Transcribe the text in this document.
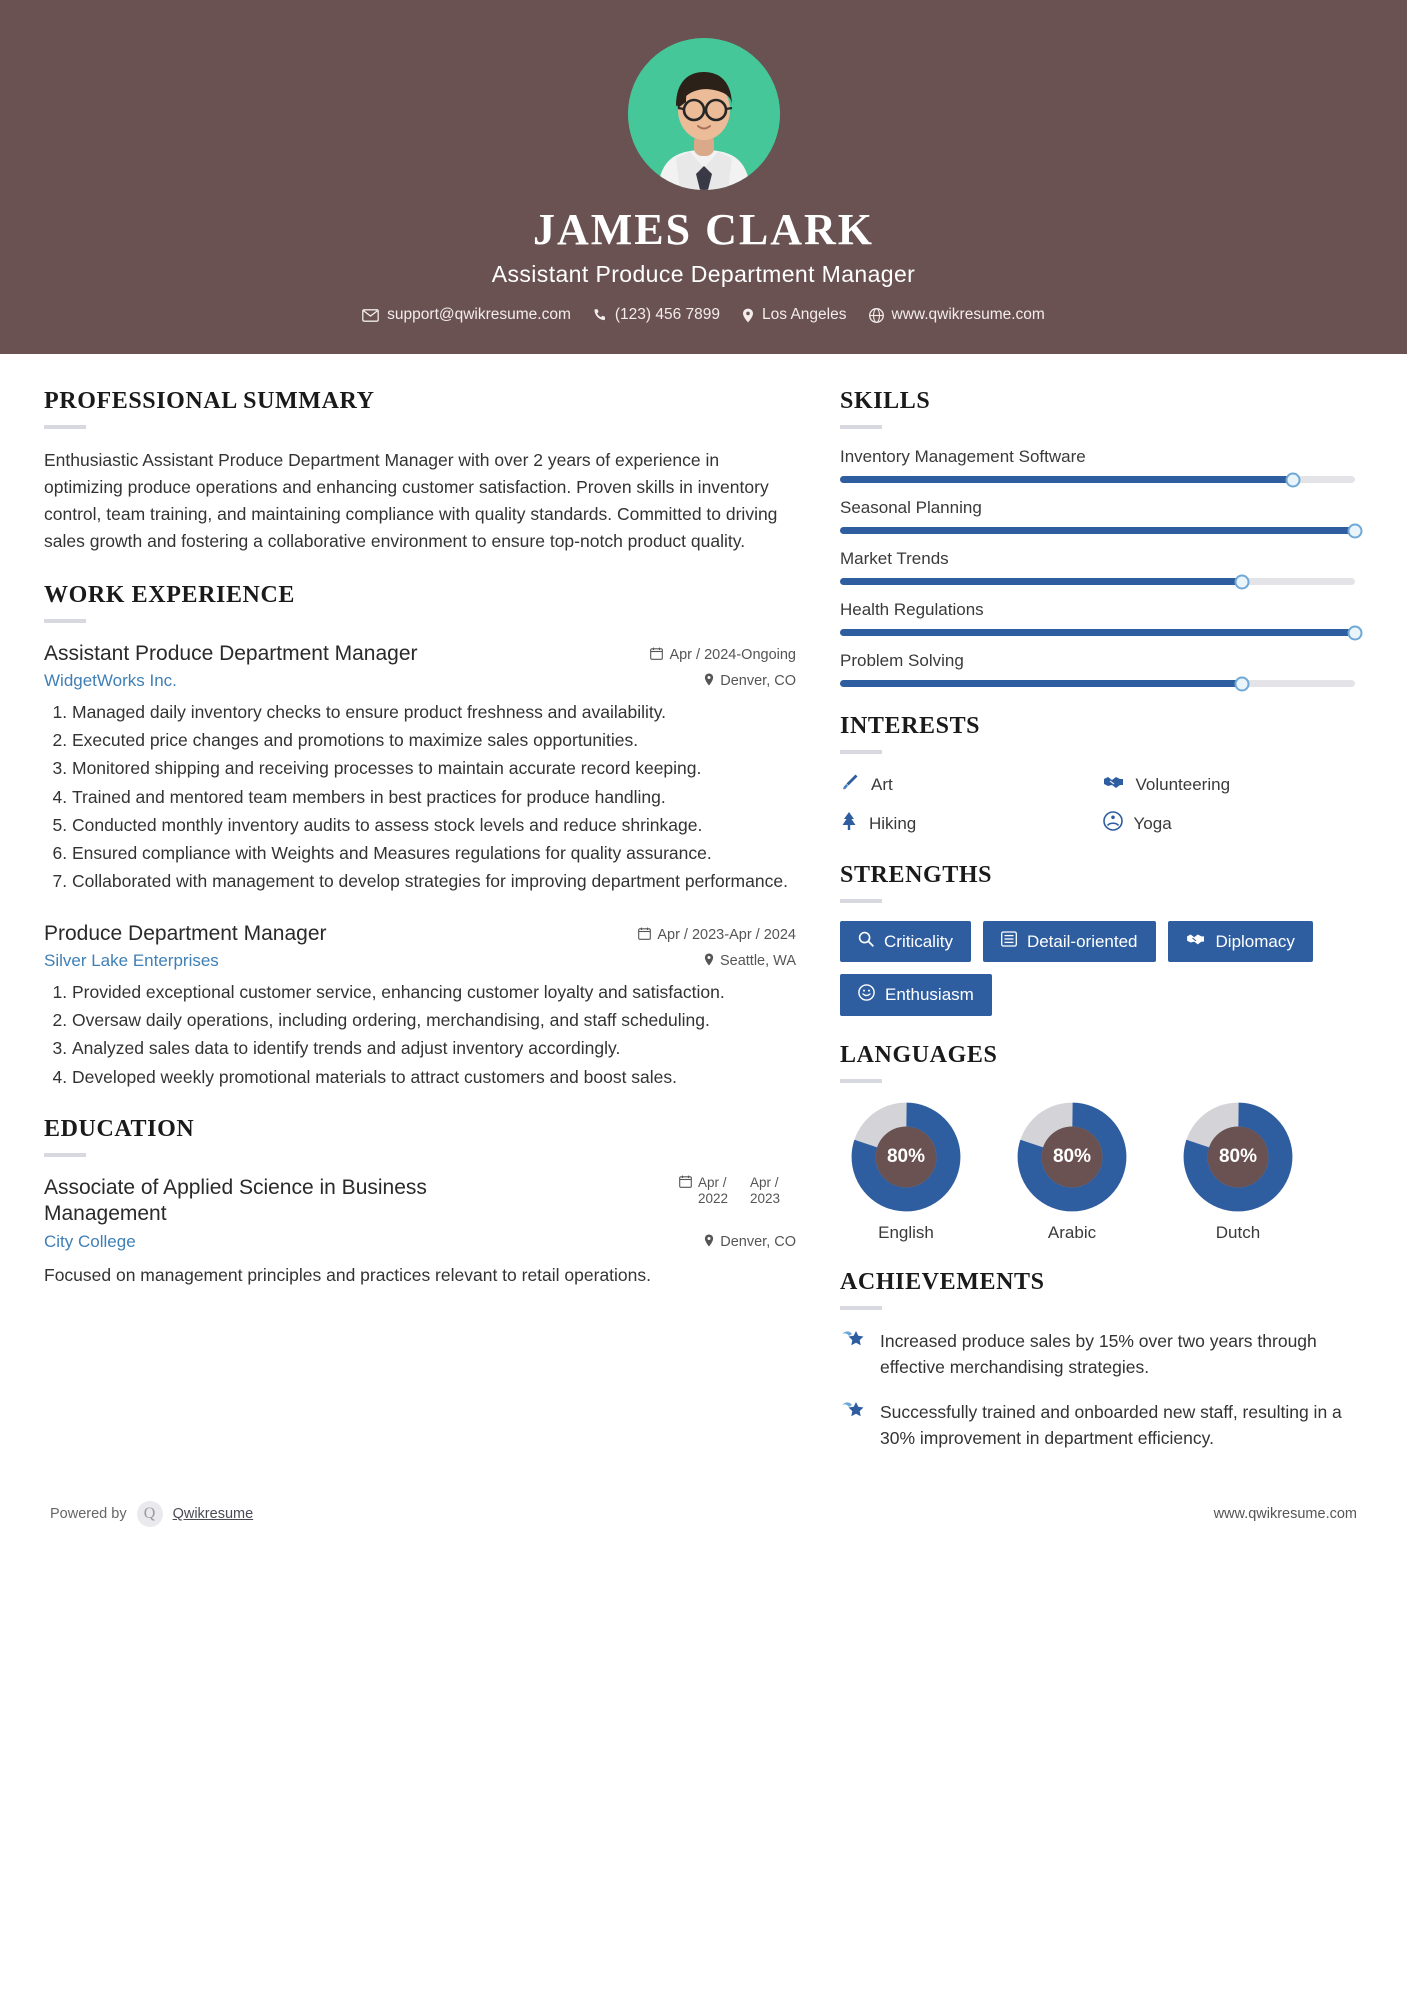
JAMES CLARK
Assistant Produce Department Manager
support@qwikresume.com	(123) 456 7899	Los Angeles	www.qwikresume.com
PROFESSIONAL SUMMARY

Enthusiastic Assistant Produce Department Manager with over 2 years of experience in optimizing produce operations and enhancing customer satisfaction. Proven skills in inventory control, team training, and maintaining compliance with quality standards. Committed to driving sales growth and fostering a collaborative environment to ensure top-notch product quality.

WORK EXPERIENCE
Assistant Produce Department Manager	Apr / 2024-Ongoing
WidgetWorks Inc.	Denver, CO
1. Managed daily inventory checks to ensure product freshness and availability.
2. Executed price changes and promotions to maximize sales opportunities.
3. Monitored shipping and receiving processes to maintain accurate record keeping.
4. Trained and mentored team members in best practices for produce handling.
5. Conducted monthly inventory audits to assess stock levels and reduce shrinkage.
6. Ensured compliance with Weights and Measures regulations for quality assurance.
7. Collaborated with management to develop strategies for improving department performance.
Produce Department Manager	Apr / 2023-Apr / 2024
Silver Lake Enterprises	Seattle, WA
1. Provided exceptional customer service, enhancing customer loyalty and satisfaction.
2. Oversaw daily operations, including ordering, merchandising, and staff scheduling.
3. Analyzed sales data to identify trends and adjust inventory accordingly.
4. Developed weekly promotional materials to attract customers and boost sales.
EDUCATION
Associate of Applied Science in Business Management
Apr / 2022
Apr / 2023
City College	Denver, CO
Focused on management principles and practices relevant to retail operations.
SKILLS
Inventory Management Software
Seasonal Planning
Market Trends
Health Regulations
Problem Solving
INTERESTS
Art	Volunteering
Hiking	Yoga
STRENGTHS
Criticality	Detail-oriented	Diplomacy
Enthusiasm
LANGUAGES
80%
English
80%
Arabic
80%
Dutch
ACHIEVEMENTS
Increased produce sales by 15% over two years through effective merchandising strategies.
Successfully trained and onboarded new staff, resulting in a 30% improvement in department efficiency.
Powered by	Q	Qwikresume	www.qwikresume.com
